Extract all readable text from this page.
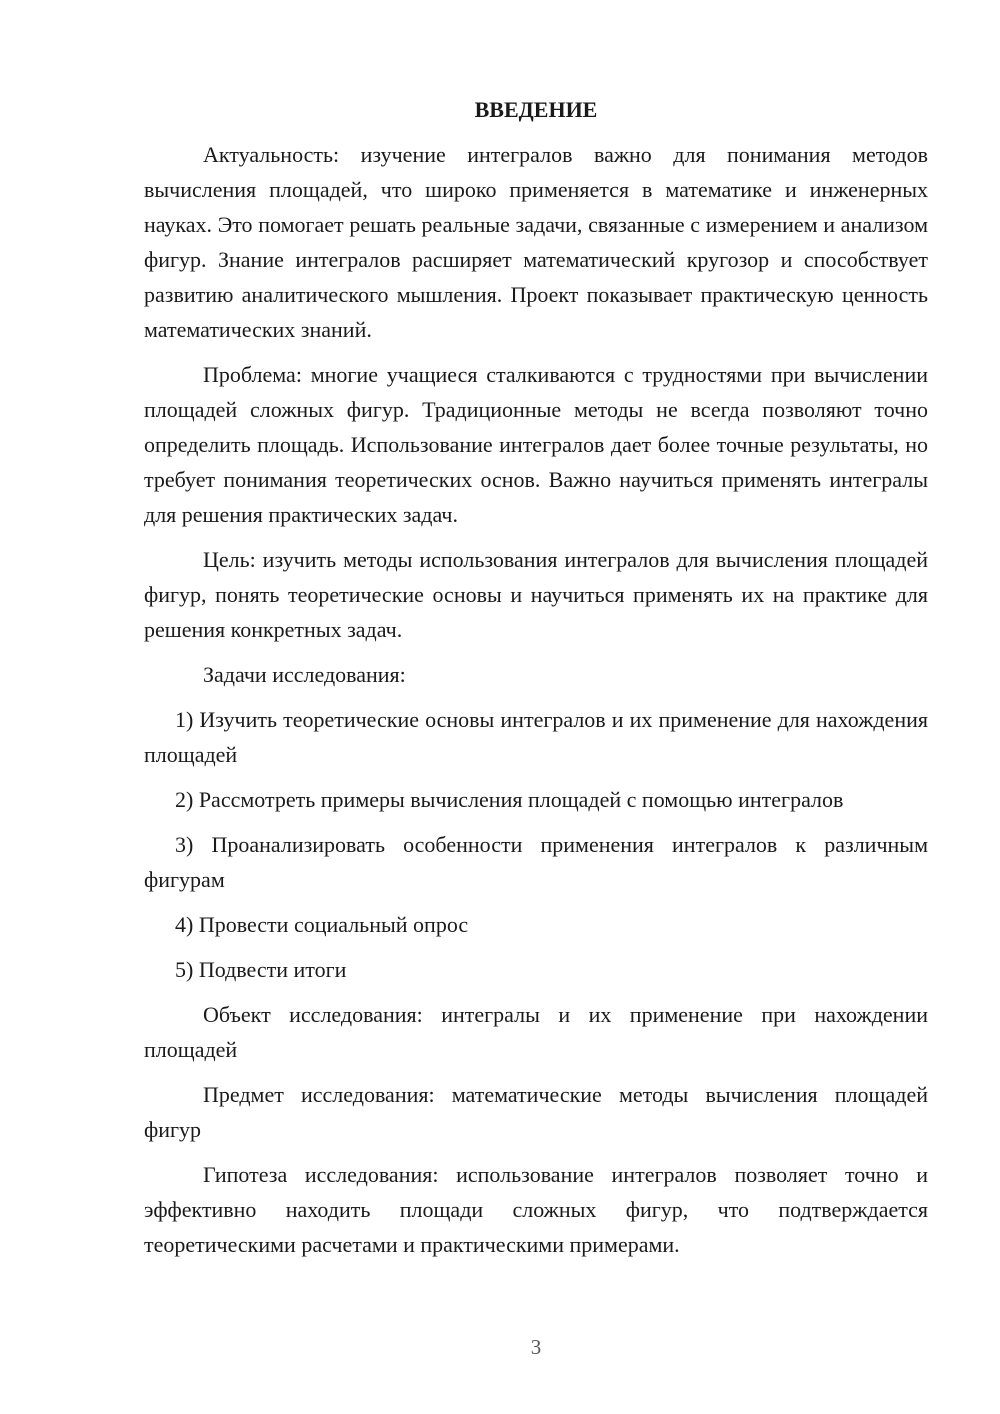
ВВЕДЕНИЕ

Актуальность: изучение интегралов важно для понимания методов вычисления площадей, что широко применяется в математике и инженерных науках. Это помогает решать реальные задачи, связанные с измерением и анализом фигур. Знание интегралов расширяет математический кругозор и способствует развитию аналитического мышления. Проект показывает практическую ценность математических знаний.

Проблема: многие учащиеся сталкиваются с трудностями при вычислении площадей сложных фигур. Традиционные методы не всегда позволяют точно определить площадь. Использование интегралов дает более точные результаты, но требует понимания теоретических основ. Важно научиться применять интегралы для решения практических задач.

Цель: изучить методы использования интегралов для вычисления площадей фигур, понять теоретические основы и научиться применять их на практике для решения конкретных задач.

Задачи исследования:

1) Изучить теоретические основы интегралов и их применение для нахождения площадей

2) Рассмотреть примеры вычисления площадей с помощью интегралов

3) Проанализировать особенности применения интегралов к различным фигурам

4) Провести социальный опрос

5) Подвести итоги

Объект исследования: интегралы и их применение при нахождении площадей

Предмет исследования: математические методы вычисления площадей фигур

Гипотеза исследования: использование интегралов позволяет точно и эффективно находить площади сложных фигур, что подтверждается теоретическими расчетами и практическими примерами.

3
